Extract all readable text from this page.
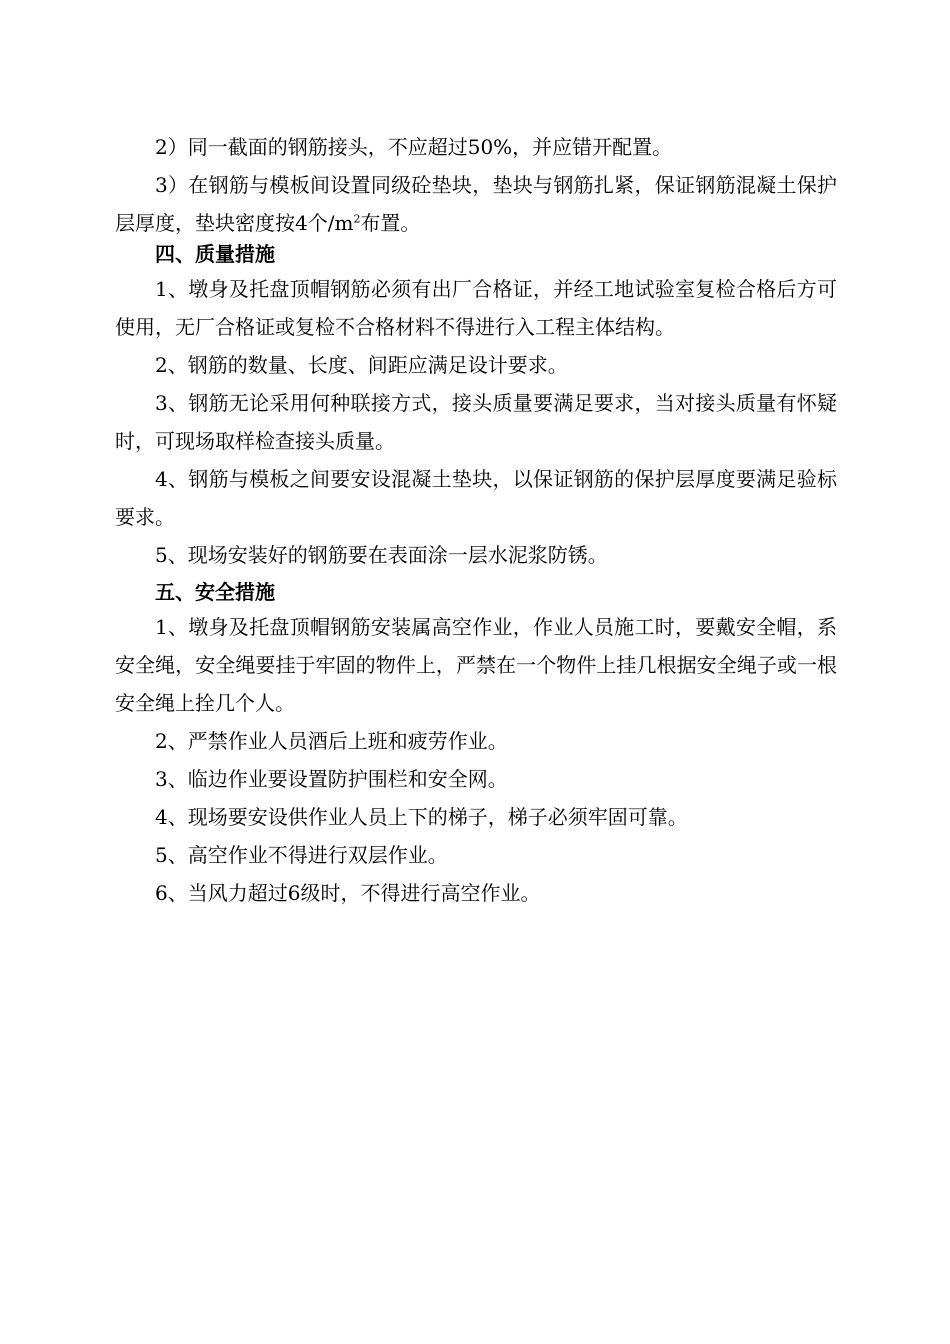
2）同一截面的钢筋接头，不应超过50%，并应错开配置。

3）在钢筋与模板间设置同级砼垫块，垫块与钢筋扎紧，保证钢筋混凝土保护层厚度，垫块密度按4个$/m^2$布置。

四、质量措施

1、墩身及托盘顶帽钢筋必须有出厂合格证，并经工地试验室复检合格后方可使用，无厂合格证或复检不合格材料不得进行入工程主体结构。

2、钢筋的数量、长度、间距应满足设计要求。

3、钢筋无论采用何种联接方式，接头质量要满足要求，当对接头质量有怀疑时，可现场取样检查接头质量。

4、钢筋与模板之间要安设混凝土垫块，以保证钢筋的保护层厚度要满足验标要求。

5、现场安装好的钢筋要在表面涂一层水泥浆防锈。

五、安全措施

1、墩身及托盘顶帽钢筋安装属高空作业，作业人员施工时，要戴安全帽，系安全绳，安全绳要挂于牢固的物件上，严禁在一个物件上挂几根据安全绳子或一根安全绳上拴几个人。

2、严禁作业人员酒后上班和疲劳作业。

3、临边作业要设置防护围栏和安全网。

4、现场要安设供作业人员上下的梯子，梯子必须牢固可靠。

5、高空作业不得进行双层作业。

6、当风力超过6级时，不得进行高空作业。
